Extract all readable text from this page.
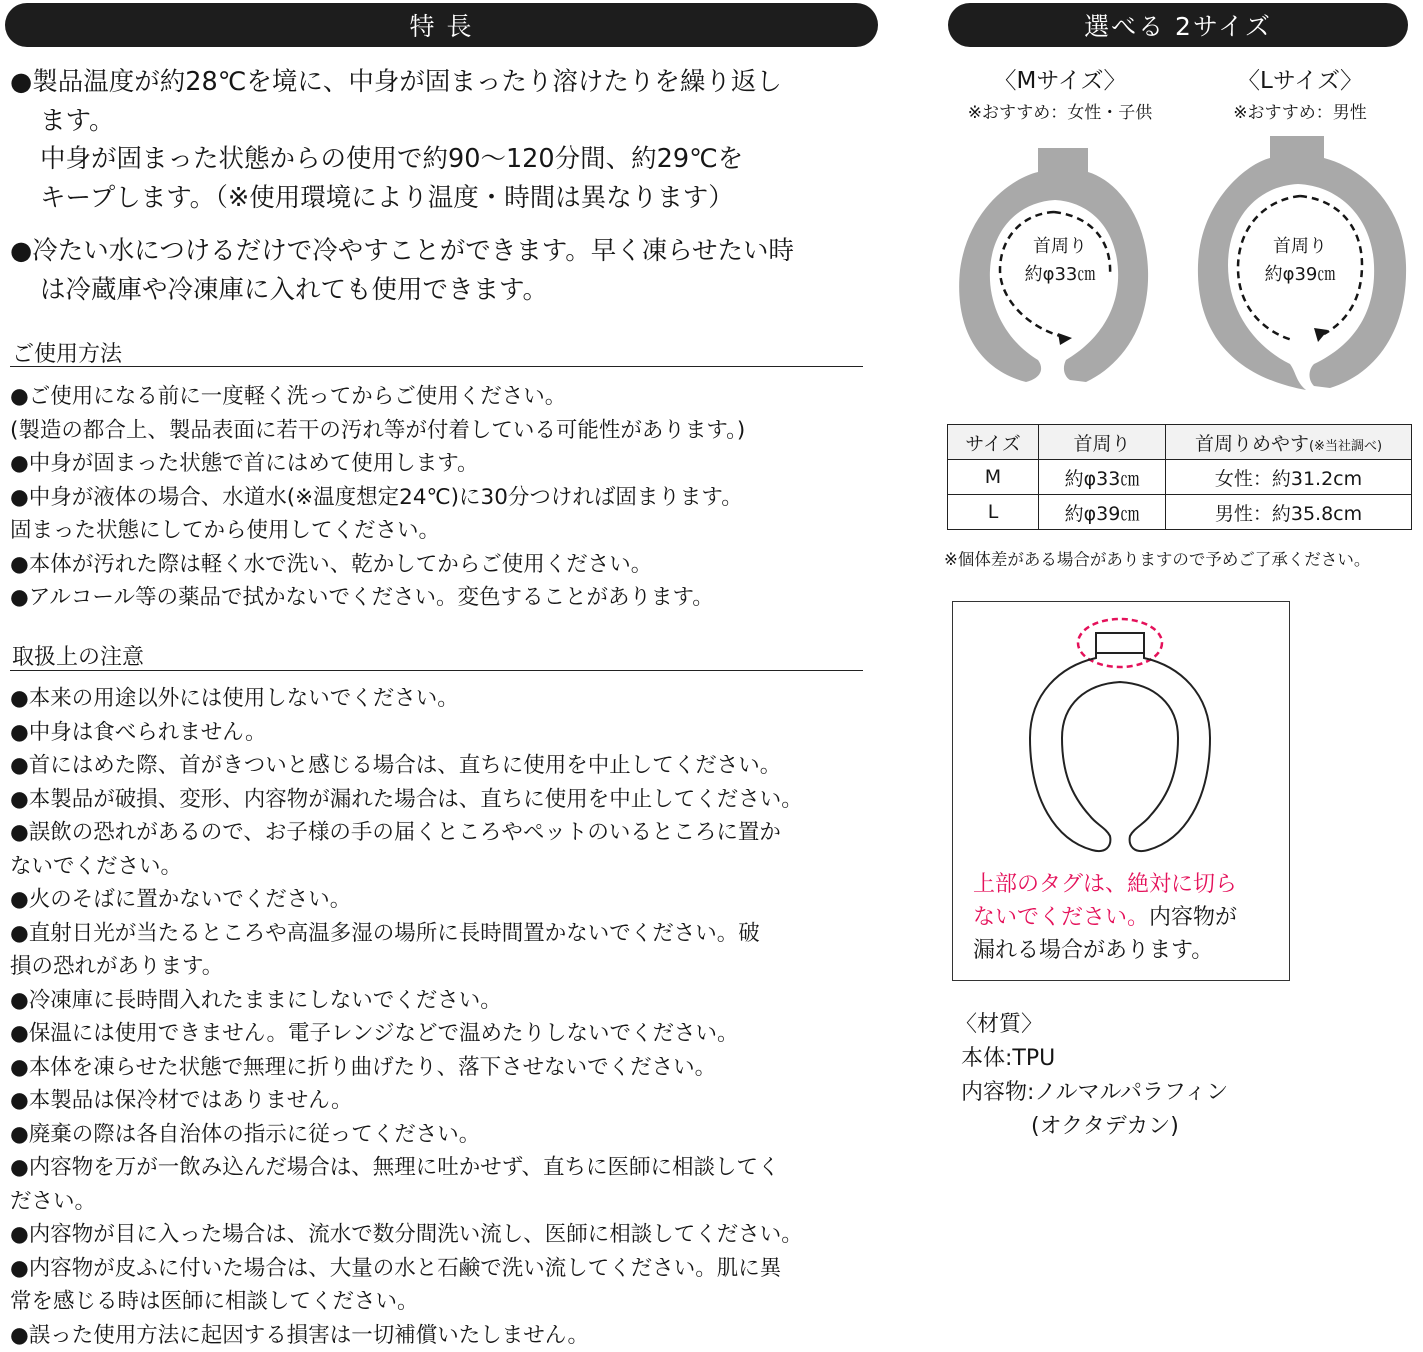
特 長

●製品温度が約28℃を境に、中身が固まったり溶けたりを繰り返し

ます。

中身が固まった状態からの使用で約90～120分間、約29℃を

キープします。（※使用環境により温度・時間は異なります）

●冷たい水につけるだけで冷やすことができます。早く凍らせたい時

は冷蔵庫や冷凍庫に入れても使用できます。

ご使用方法

●ご使用になる前に一度軽く洗ってからご使用ください。

(製造の都合上、製品表面に若干の汚れ等が付着している可能性があります。)

●中身が固まった状態で首にはめて使用します。

●中身が液体の場合、水道水(※温度想定24℃)に30分つければ固まります。

固まった状態にしてから使用してください。

●本体が汚れた際は軽く水で洗い、乾かしてからご使用ください。

●アルコール等の薬品で拭かないでください。変色することがあります。

取扱上の注意

●本来の用途以外には使用しないでください。

●中身は食べられません。

●首にはめた際、首がきついと感じる場合は、直ちに使用を中止してください。

●本製品が破損、変形、内容物が漏れた場合は、直ちに使用を中止してください。

●誤飲の恐れがあるので、お子様の手の届くところやペットのいるところに置か

ないでください。

●火のそばに置かないでください。

●直射日光が当たるところや高温多湿の場所に長時間置かないでください。破

損の恐れがあります。

●冷凍庫に長時間入れたままにしないでください。

●保温には使用できません。電子レンジなどで温めたりしないでください。

●本体を凍らせた状態で無理に折り曲げたり、落下させないでください。

●本製品は保冷材ではありません。

●廃棄の際は各自治体の指示に従ってください。

●内容物を万が一飲み込んだ場合は、無理に吐かせず、直ちに医師に相談してく

ださい。

●内容物が目に入った場合は、流水で数分間洗い流し、医師に相談してください。

●内容物が皮ふに付いた場合は、大量の水と石鹸で洗い流してください。肌に異

常を感じる時は医師に相談してください。

●誤った使用方法に起因する損害は一切補償いたしません。

選べる 2サイズ
〈Mサイズ〉
※おすすめ：女性・子供
首周り
約φ33㎝
〈Lサイズ〉
※おすすめ：男性
首周り
約φ39㎝
サイズ	首周り	首周りめやす(※当社調べ)
M	約φ33㎝	女性：約31.2cm
L	約φ39㎝	男性：約35.8cm
※個体差がある場合がありますので予めご了承ください。
上部のタグは、絶対に切ら
ないでください。内容物が
漏れる場合があります。

〈材質〉

本体:TPU

内容物:ノルマルパラフィン

(オクタデカン)
